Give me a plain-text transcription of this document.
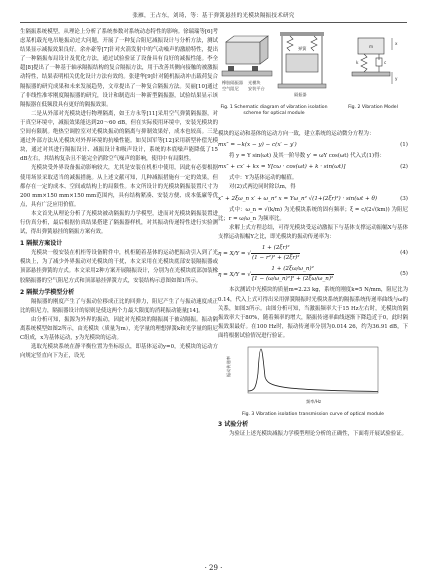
张雁，王占东，刘琦，等：基于弹簧悬挂的光模块隔振技术研究

生隔振系统模型，从理论上分析了系统参数对系统动态特性的影响。徐瑞瑞等[6]考虑某机载光电吊舱振动过大问题，开展了一种复合阻尼减振设计与分析方法，测试结果显示减振效果良好。余亦豪等[7]针对火箭发射中的气动噪声的激励特性，提出了一种隔振布局设计及优化方法，通过试验验证了设备具有良好的减振性能。李全超[8]提出了一种基于轴承隔振结构的复合隔振方法，用于改善其侧向接触的被激振动特性，结果表明相关优化设计方法有效的。张建华[9]针对随机振动冲击载荷复合隔振器的研究成果和未来发展趋势，文章提出了一种复合隔振方法。吴丽[10]通过了非线性准零刚度隔振器的研究，设计和制造出一种新型隔振器，试验结果显示该隔振器在低频段具有更好的隔振效果。

二是从外部对光模块进行物理隔离，如王方永等[11]采用空气弹簧隔振器，对于真空环境中，减振效果能达到20～60 dB，但在实际使用环境中，安装光模块的空间有限制。绝热空调腔室对光模块振动的隔离与抑制效果好，成本也较高。三是通过外部方法从光模块对外界环境的抗噪性能。如吴国军等[12]采用新型补偿光模块，通过对其进行隔振设计、减振设计和吸声设计，系统的本底噪声能降低了15 dB左右，其结构复杂且不能完全消除空气噪声的影响，使用中有局限性。

光模块受外界设备振动影响较大，尤其是安装在机柜中使用，因此有必要根据使用场景采取适当的减振措施。从上述文献可知，几种减振措施有一定的效果，但都存在一定的成本、空间或结构上的局限性。本文所设计的光模块隔振装置尺寸为200 mm×150 mm×150 mm范围内，具有结构紧凑、安装方便、成本低廉等优点，具有广泛应用价值。

本文首先从理论分析了光模块被动隔振的力学模型，进而对光模块隔振装置进行仿真分析，最后根据仿真结果搭建了隔振器样机，对其振动传递特性进行实验测试，得出弹簧悬挂的隔振方案有效。

1 隔振方案设计

光模块一般安装在机柜等设备附件中，机柜随着基体的运动把振动引入到了光模块上，为了减少外界振动对光模块的干扰，本文采用在光模块底部安装隔振器或顶部悬挂弹簧的方式。本文采用2种方案开展隔振设计，分别为在光模块底部加装橡胶隔振器的空气阻尼方式和顶部悬挂弹簧方式，安装结构示意图如图1所示。

2 隔振力学模型分析

隔振器的刚度产生了与振动位移成正比的回弹力，阻尼产生了与振动速度成正比的阻尼力，隔振器设计的原则是使这两个力最大限度的消耗振动能量[14]。

由分析可知，振源为外界的振动，因此对光模块的隔振属于被动隔振。振动隔离系统模型如图2所示，由光模块（质量为m），光学量的理想弹簧k和光学量的阻尼C组成，x为基体运动，y为光模块的运动。

选取光模块系统在静平衡位置为坐标原点，即基体运动y=0，光模块的运动方向规定竖直向下为正，设光

橡胶隔振器
空气阻尼
光模块
安装平台
弹簧
隔振器
Fig. 1 Schematic diagram of vibration isolation scheme for optical module
m
k	c
x
y
Fig. 2 Vibration Model

模块的运动和基体的运动方向一致，建立系统的运动微分方程为：

mx″ = −k(x − y) − c(x′ − y′)	(1)

将 y = Y sin(ωt) 及其一阶导数 y′ = ωY cos(ωt) 代入式(1)得：

mx″ + cx′ + kx = Y[cω · cos(ωt) + k · sin(ωt)]	(2)

式中：Y为基体运动的幅值。

对(2)式两边同时除以m，得

x″ + 2ξω_n x′ + ω_n² x = Yω_n² √(1+(2ξr)²) · sin(ωt + θ)	(3)

式中：ω_n = √(k/m) 为光模块系统的固有频率；ξ = c/(2√(km)) 为阻尼比；r = ω/ω_n 为频率比。

求解上式方程总结，可得光模块受运动激振下与基体支撑运动振幅X与基体支撑运动振幅Y之比，即光模块的振动传递率为：

η = X/Y = √ $\frac{\text{1 + (2ξr)²}}{\text{(1 − r²)² + (2ξr)²}}$	(4)
η = X/Y = √ $\frac{\text{1 + (2ξω/ω\_n)²}}{\text{[1 − (ω/ω\_n)²]² + (2ξω/ω\_n)²}}$	(5)

本次测试中光模块的质量m=2.23 kg，系统的刚度k=5 N/mm，阻尼比为0.14，代入上式可得出采用弹簧隔振时光模块系统的隔振系统传递率曲线与ω的关系，如图3所示。由图分析可知，当激振频率大于15 Hz左右时，光模块的隔振效率大于80%，随着频率的增大，隔振传递率曲线逐渐下降趋近于0，此时隔振效果最好。在100 Hz时，振动传递率分别为0.014 26，约为36.91 dB，下面将根据试验情况进行验证。

振动传递率
频率/Hz
Fig. 3 Vibration isolation transmission curve of optical module
3 试验分析

为验证上述光模块减振力学模型理论分析的正确性，下面将开展试验验证。

· 29 ·
